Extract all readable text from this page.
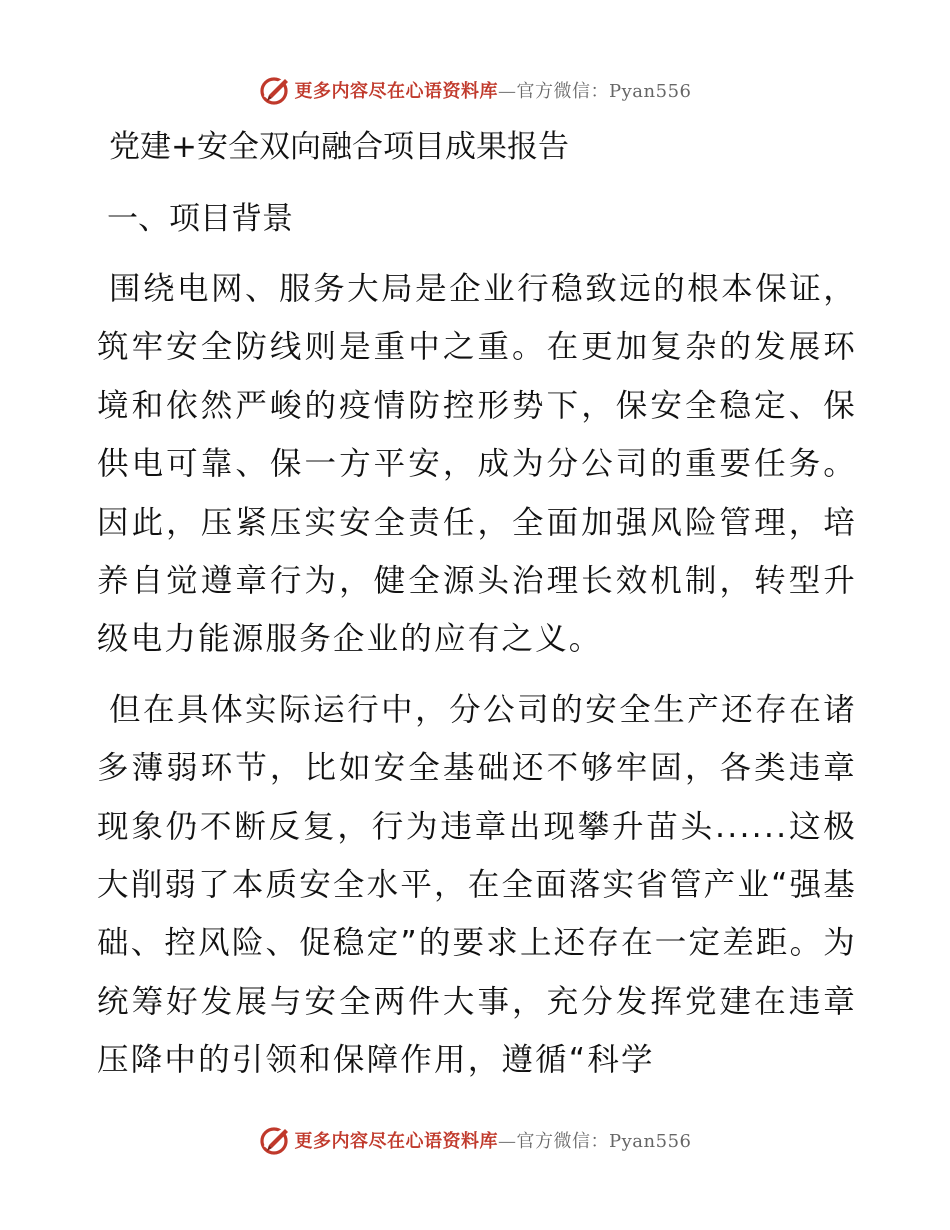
更多内容尽在心语资料库—官方微信：Pyan556
党建+安全双向融合项目成果报告
一、项目背景

围绕电网、服务大局是企业行稳致远的根本保证，筑牢安全防线则是重中之重。在更加复杂的发展环境和依然严峻的疫情防控形势下，保安全稳定、保供电可靠、保一方平安，成为分公司的重要任务。因此，压紧压实安全责任，全面加强风险管理，培养自觉遵章行为，健全源头治理长效机制，转型升级电力能源服务企业的应有之义。

但在具体实际运行中，分公司的安全生产还存在诸多薄弱环节，比如安全基础还不够牢固，各类违章现象仍不断反复，行为违章出现攀升苗头......这极大削弱了本质安全水平，在全面落实省管产业“强基础、控风险、促稳定”的要求上还存在一定差距。为统筹好发展与安全两件大事，充分发挥党建在违章压降中的引领和保障作用，遵循“科学

更多内容尽在心语资料库—官方微信：Pyan556
